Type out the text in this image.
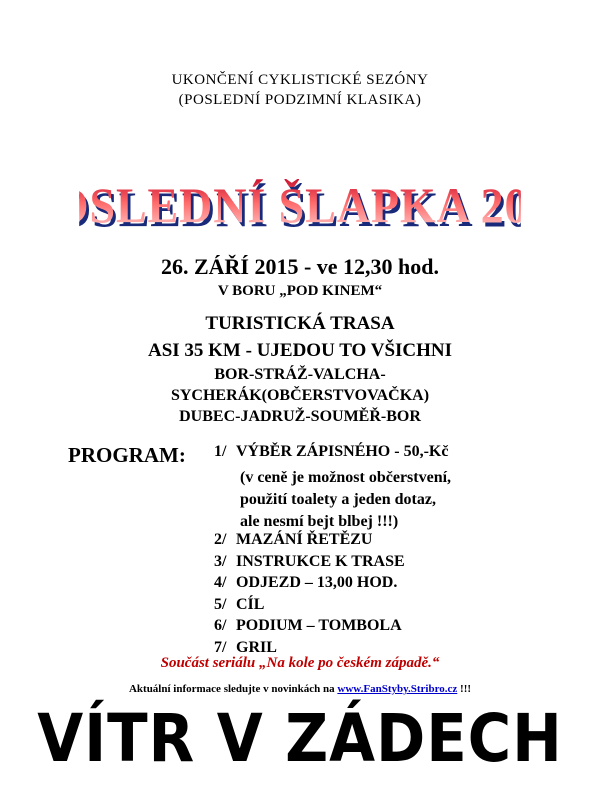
UKONČENÍ CYKLISTICKÉ SEZÓNY
(POSLEDNÍ PODZIMNÍ KLASIKA)
SLEDNÍ ŠLAPKA 2
SLEDNÍ ŠLAPKA 2
26. ZÁŘÍ 2015 - ve 12,30 hod.
V BORU „POD KINEM“
TURISTICKÁ TRASA
ASI 35 KM - UJEDOU TO VŠICHNI
BOR-STRÁŽ-VALCHA-
SYCHERÁK(OBČERSTVOVAČKA)
DUBEC-JADRUŽ-SOUMĚŘ-BOR
PROGRAM: 1/ VÝBĚR ZÁPISNÉHO - 50,-Kč
(v ceně je možnost občerstvení,
použití toalety a jeden dotaz,
ale nesmí bejt blbej !!!)
2/ MAZÁNÍ ŘETĚZU
3/ INSTRUKCE K TRASE
4/ ODJEZD – 13,00 HOD.
5/ CÍL
6/ PODIUM – TOMBOLA
7/ GRIL
Součást seriálu „Na kole po českém západě.“
Aktuální informace sledujte v novinkách na www.FanStyby.Stribro.cz !!!
VÍTR V ZÁDECH
